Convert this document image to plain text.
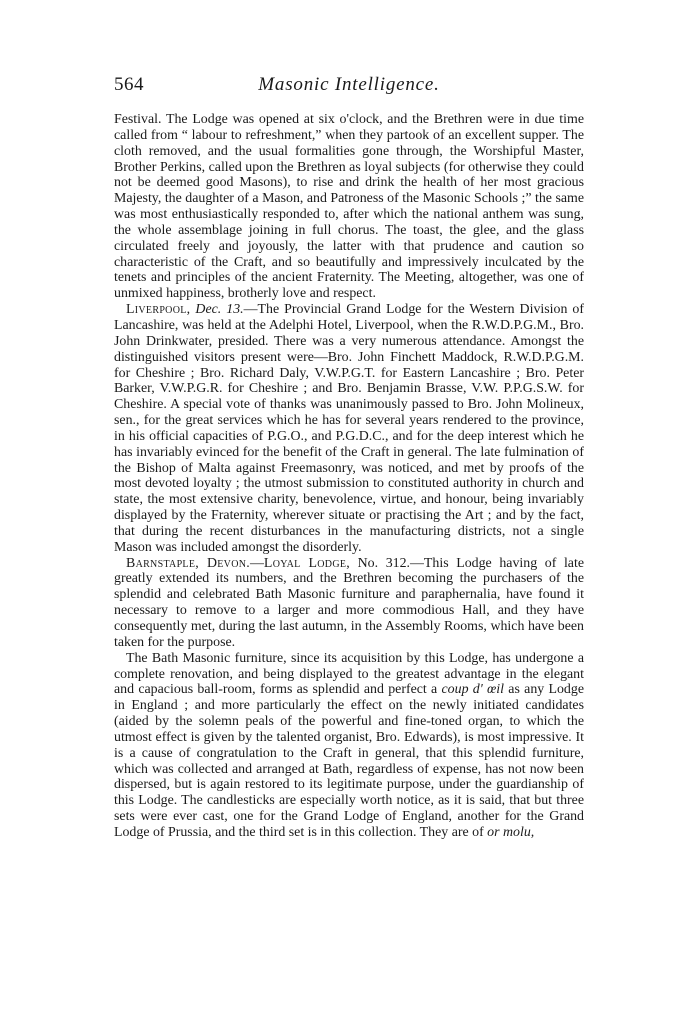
564	Masonic Intelligence.

Festival. The Lodge was opened at six o'clock, and the Brethren were in due time called from “ labour to refreshment,” when they partook of an excellent supper. The cloth removed, and the usual formalities gone through, the Worshipful Master, Brother Perkins, called upon the Brethren as loyal subjects (for otherwise they could not be deemed good Masons), to rise and drink the health of her most gracious Majesty, the daughter of a Mason, and Patroness of the Masonic Schools ;” the same was most enthusiastically responded to, after which the national anthem was sung, the whole assemblage joining in full chorus. The toast, the glee, and the glass circulated freely and joyously, the latter with that prudence and caution so characteristic of the Craft, and so beautifully and impressively inculcated by the tenets and principles of the ancient Fraternity. The Meeting, altogether, was one of unmixed happiness, brotherly love and respect.

Liverpool, Dec. 13.—The Provincial Grand Lodge for the Western Division of Lancashire, was held at the Adelphi Hotel, Liverpool, when the R.W.D.P.G.M., Bro. John Drinkwater, presided. There was a very numerous attendance. Amongst the distinguished visitors present were—Bro. John Finchett Maddock, R.W.D.P.G.M. for Cheshire ; Bro. Richard Daly, V.W.P.G.T. for Eastern Lancashire ; Bro. Peter Barker, V.W.P.G.R. for Cheshire ; and Bro. Benjamin Brasse, V.W. P.P.G.S.W. for Cheshire. A special vote of thanks was unanimously passed to Bro. John Molineux, sen., for the great services which he has for several years rendered to the province, in his official capacities of P.G.O., and P.G.D.C., and for the deep interest which he has invariably evinced for the benefit of the Craft in general. The late fulmination of the Bishop of Malta against Freemasonry, was noticed, and met by proofs of the most devoted loyalty ; the utmost submission to constituted authority in church and state, the most extensive charity, benevolence, virtue, and honour, being invariably displayed by the Fraternity, wherever situate or practising the Art ; and by the fact, that during the recent disturbances in the manufacturing districts, not a single Mason was included amongst the disorderly.

Barnstaple, Devon.—Loyal Lodge, No. 312.—This Lodge having of late greatly extended its numbers, and the Brethren becoming the purchasers of the splendid and celebrated Bath Masonic furniture and paraphernalia, have found it necessary to remove to a larger and more commodious Hall, and they have consequently met, during the last autumn, in the Assembly Rooms, which have been taken for the purpose.

The Bath Masonic furniture, since its acquisition by this Lodge, has undergone a complete renovation, and being displayed to the greatest advantage in the elegant and capacious ball-room, forms as splendid and perfect a coup d' œil as any Lodge in England ; and more particularly the effect on the newly initiated candidates (aided by the solemn peals of the powerful and fine-toned organ, to which the utmost effect is given by the talented organist, Bro. Edwards), is most impressive. It is a cause of congratulation to the Craft in general, that this splendid furniture, which was collected and arranged at Bath, regardless of expense, has not now been dispersed, but is again restored to its legitimate purpose, under the guardianship of this Lodge. The candlesticks are especially worth notice, as it is said, that but three sets were ever cast, one for the Grand Lodge of England, another for the Grand Lodge of Prussia, and the third set is in this collection. They are of or molu,
